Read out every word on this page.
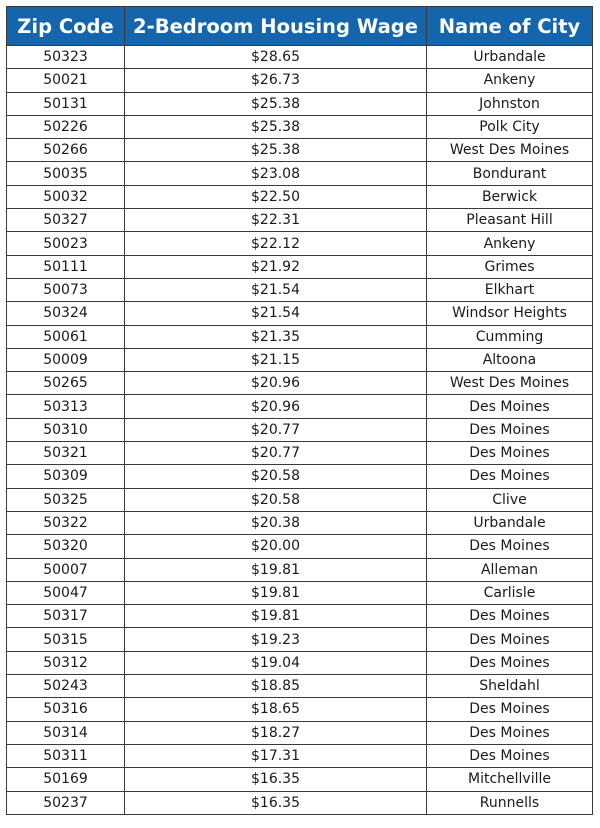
Zip Code	2-Bedroom Housing Wage	Name of City
50323	$28.65	Urbandale
50021	$26.73	Ankeny
50131	$25.38	Johnston
50226	$25.38	Polk City
50266	$25.38	West Des Moines
50035	$23.08	Bondurant
50032	$22.50	Berwick
50327	$22.31	Pleasant Hill
50023	$22.12	Ankeny
50111	$21.92	Grimes
50073	$21.54	Elkhart
50324	$21.54	Windsor Heights
50061	$21.35	Cumming
50009	$21.15	Altoona
50265	$20.96	West Des Moines
50313	$20.96	Des Moines
50310	$20.77	Des Moines
50321	$20.77	Des Moines
50309	$20.58	Des Moines
50325	$20.58	Clive
50322	$20.38	Urbandale
50320	$20.00	Des Moines
50007	$19.81	Alleman
50047	$19.81	Carlisle
50317	$19.81	Des Moines
50315	$19.23	Des Moines
50312	$19.04	Des Moines
50243	$18.85	Sheldahl
50316	$18.65	Des Moines
50314	$18.27	Des Moines
50311	$17.31	Des Moines
50169	$16.35	Mitchellville
50237	$16.35	Runnells
